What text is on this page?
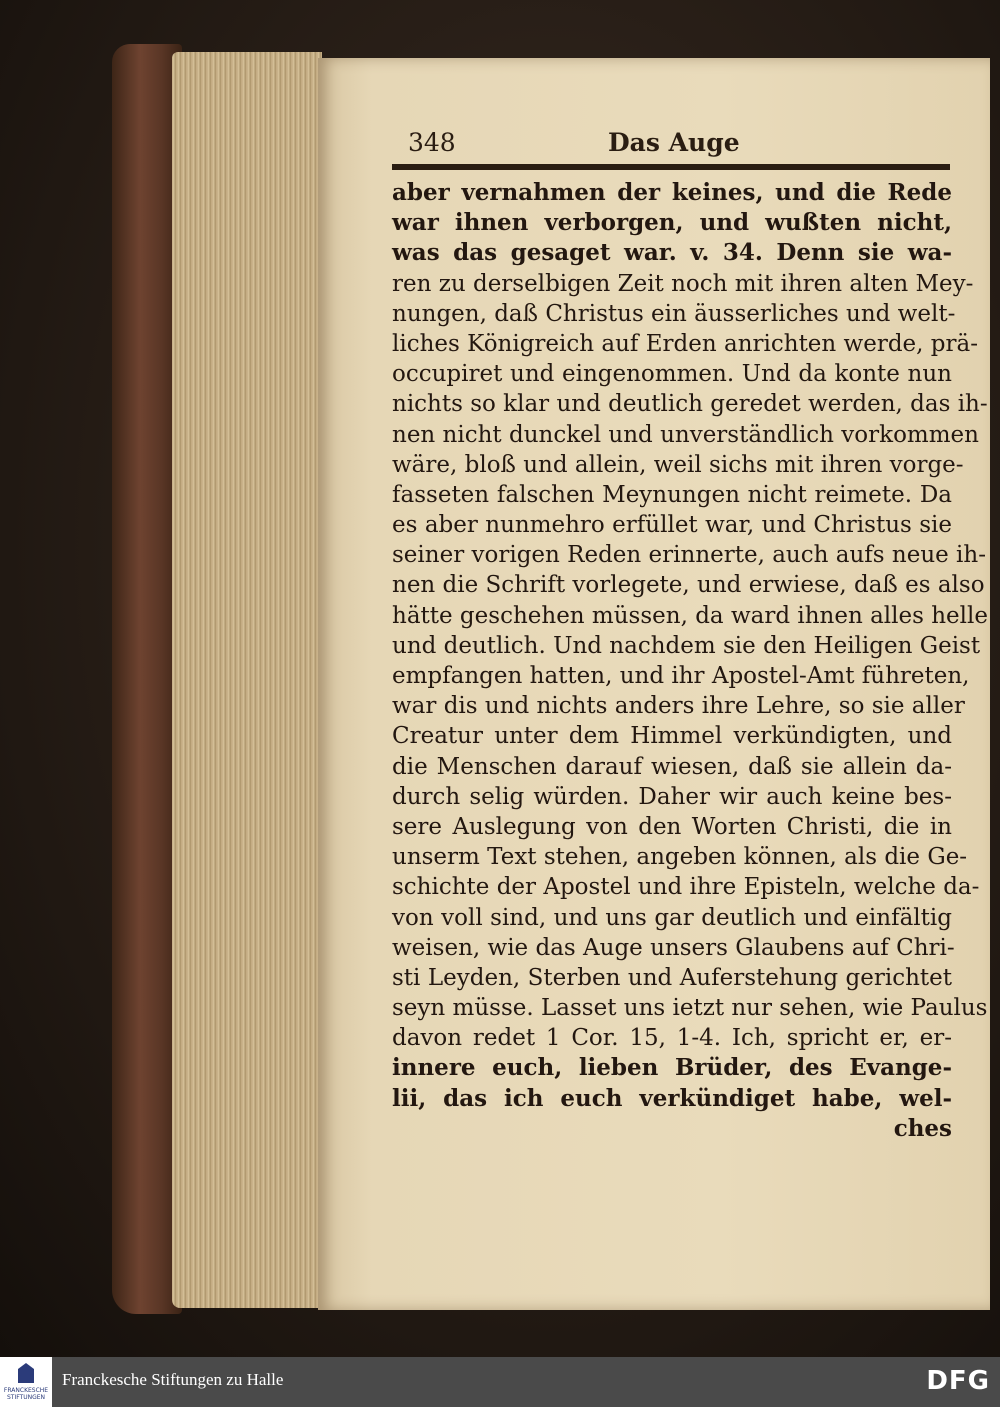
348	Das Auge
aber vernahmen der keines, und die Rede
war ihnen verborgen, und wußten nicht,
was das gesaget war. v. 34. Denn sie wa-
ren zu derselbigen Zeit noch mit ihren alten Mey-
nungen, daß Christus ein äusserliches und welt-
liches Königreich auf Erden anrichten werde, prä-
occupiret und eingenommen. Und da konte nun
nichts so klar und deutlich geredet werden, das ih-
nen nicht dunckel und unverständlich vorkommen
wäre, bloß und allein, weil sichs mit ihren vorge-
fasseten falschen Meynungen nicht reimete. Da
es aber nunmehro erfüllet war, und Christus sie
seiner vorigen Reden erinnerte, auch aufs neue ih-
nen die Schrift vorlegete, und erwiese, daß es also
hätte geschehen müssen, da ward ihnen alles helle
und deutlich. Und nachdem sie den Heiligen Geist
empfangen hatten, und ihr Apostel-Amt führeten,
war dis und nichts anders ihre Lehre, so sie aller
Creatur unter dem Himmel verkündigten, und
die Menschen darauf wiesen, daß sie allein da-
durch selig würden. Daher wir auch keine bes-
sere Auslegung von den Worten Christi, die in
unserm Text stehen, angeben können, als die Ge-
schichte der Apostel und ihre Episteln, welche da-
von voll sind, und uns gar deutlich und einfältig
weisen, wie das Auge unsers Glaubens auf Chri-
sti Leyden, Sterben und Auferstehung gerichtet
seyn müsse. Lasset uns ietzt nur sehen, wie Paulus
davon redet 1 Cor. 15, 1-4. Ich, spricht er, er-
innere euch, lieben Brüder, des Evange-
lii, das ich euch verkündiget habe, wel-
ches
FRANCKESCHE STIFTUNGEN
Franckesche Stiftungen zu Halle	DFG
